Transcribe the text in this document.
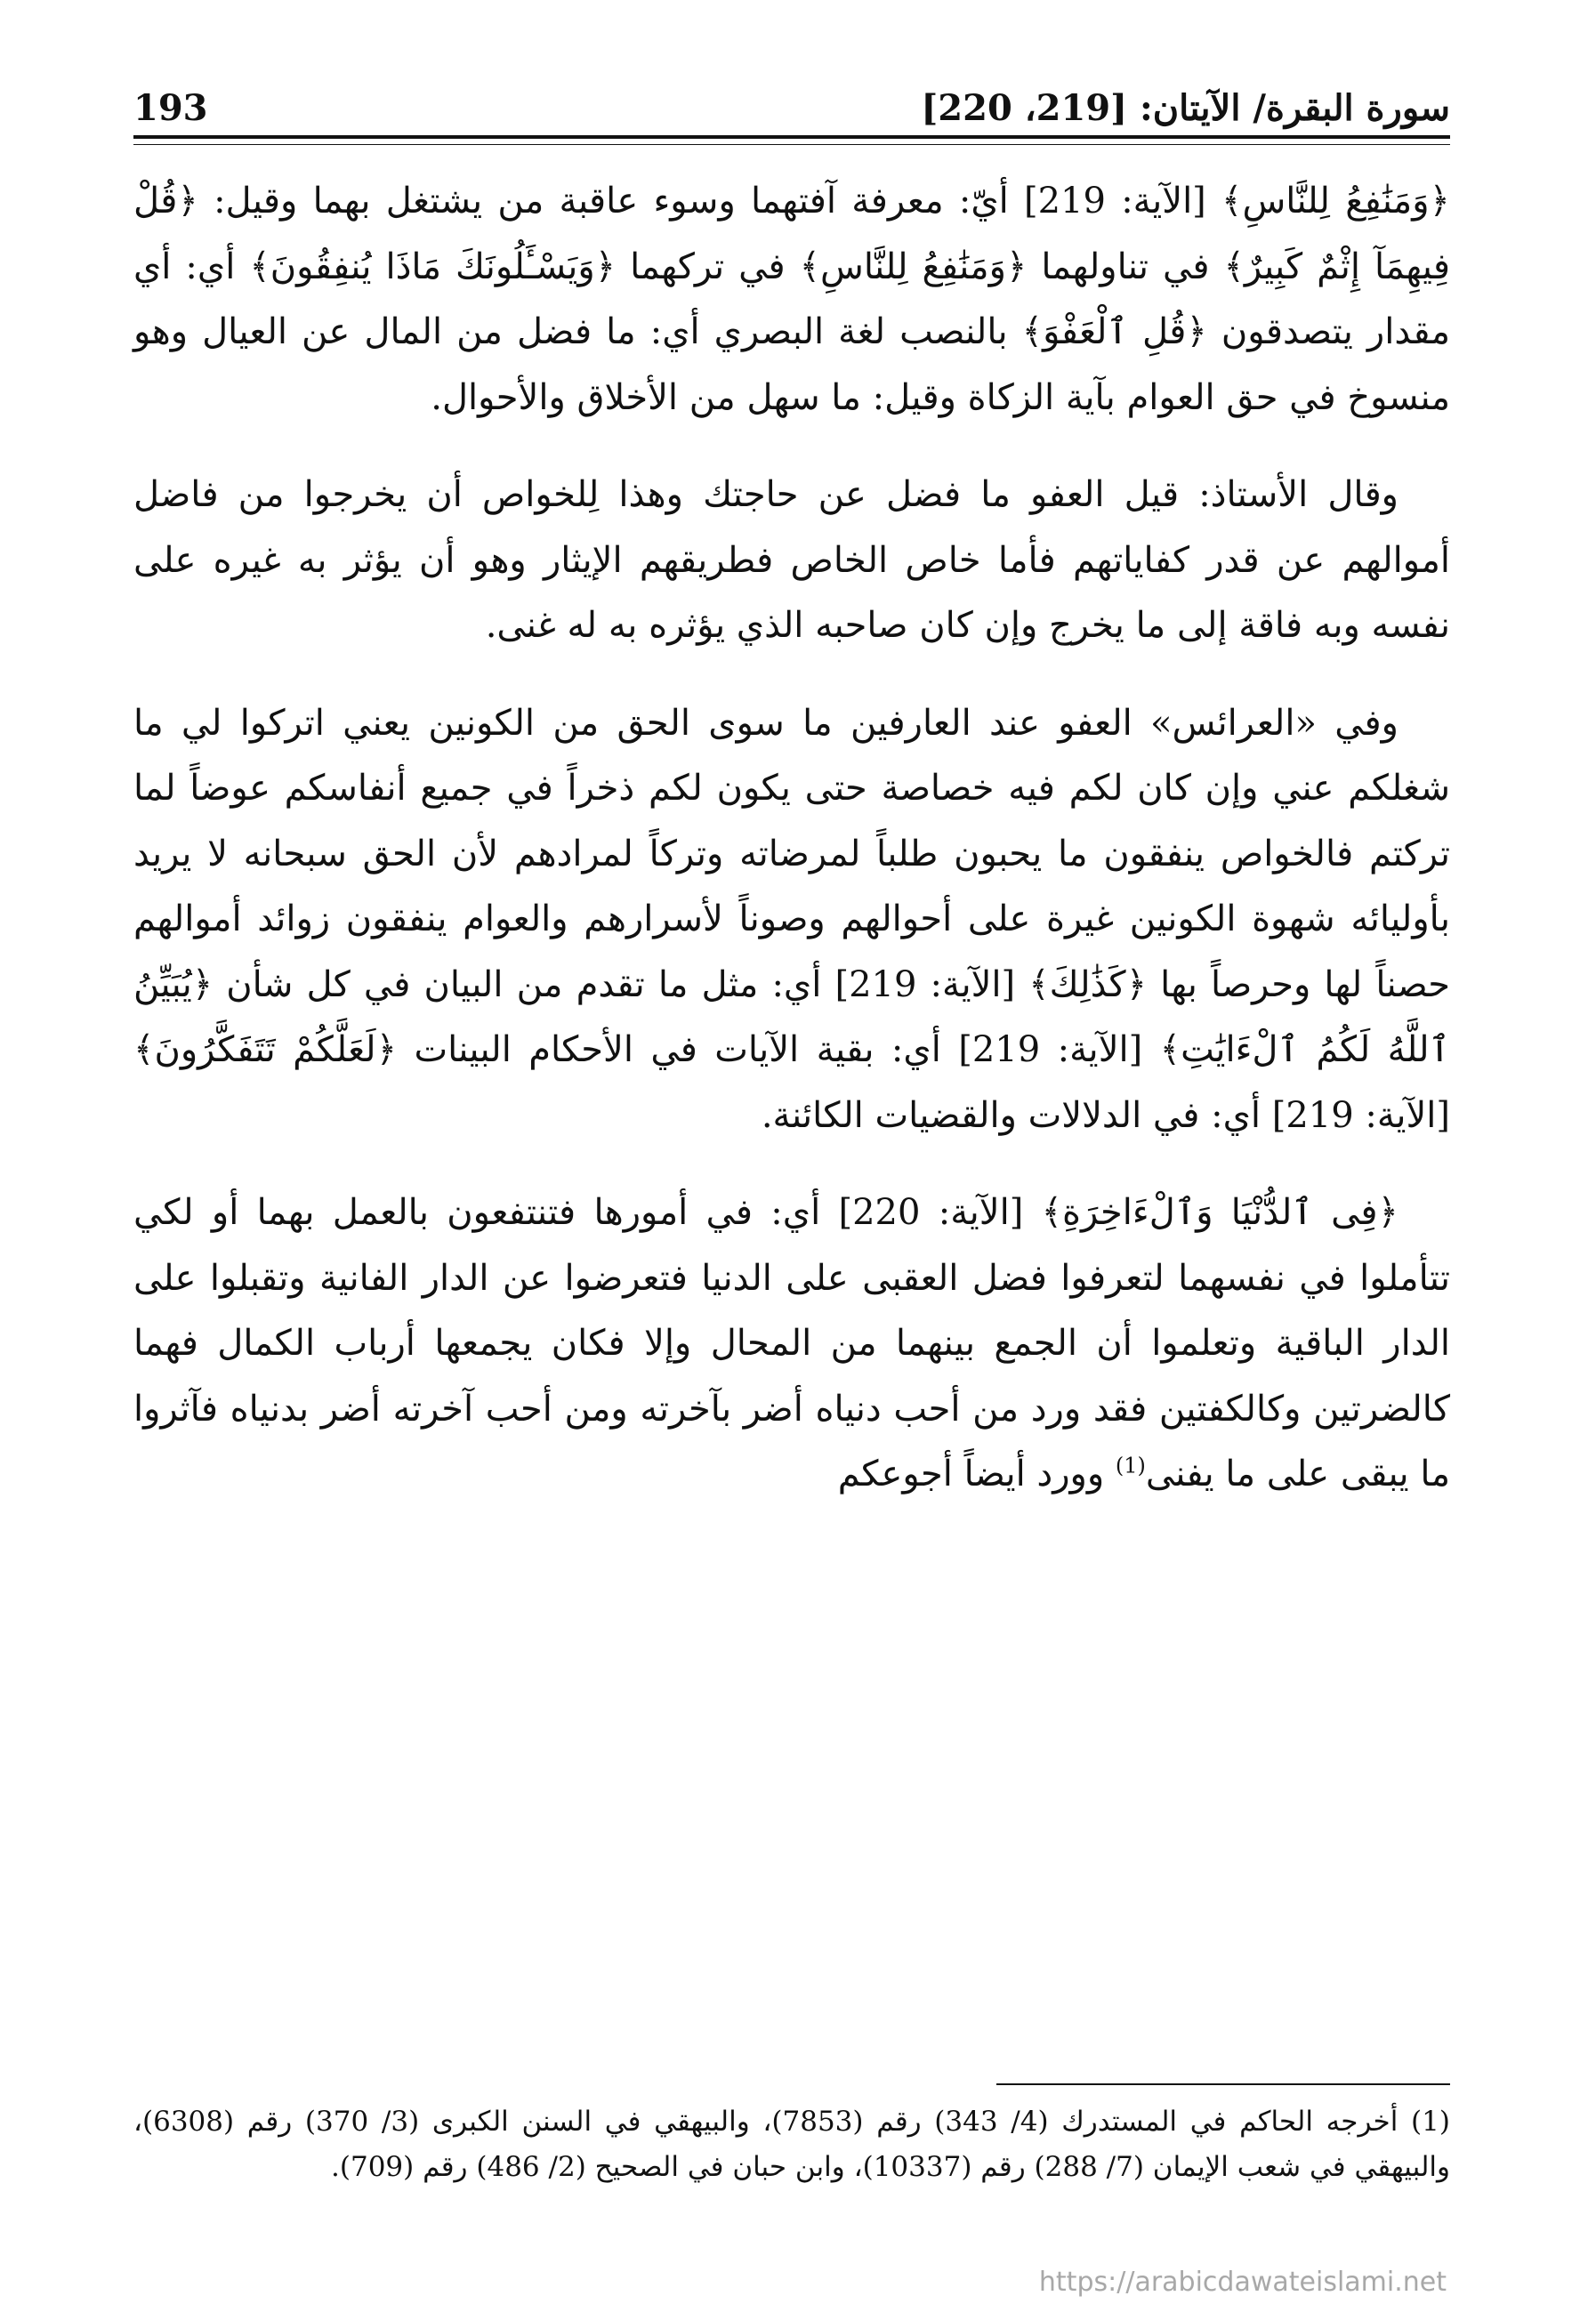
سورة البقرة/ الآيتان: [219، 220]
193

﴿وَمَنَٰفِعُ لِلنَّاسِ﴾ [الآية: 219] أيّ: معرفة آفتهما وسوء عاقبة من يشتغل بهما وقيل: ﴿قُلْ فِيهِمَآ إِثْمٌ كَبِيرٌ﴾ في تناولهما ﴿وَمَنَٰفِعُ لِلنَّاسِ﴾ في تركهما ﴿وَيَسْـَٔلُونَكَ مَاذَا يُنفِقُونَ﴾ أي: أي مقدار يتصدقون ﴿قُلِ ٱلْعَفْوَ﴾ بالنصب لغة البصري أي: ما فضل من المال عن العيال وهو منسوخ في حق العوام بآية الزكاة وقيل: ما سهل من الأخلاق والأحوال.

وقال الأستاذ: قيل العفو ما فضل عن حاجتك وهذا لِلخواص أن يخرجوا من فاضل أموالهم عن قدر كفاياتهم فأما خاص الخاص فطريقهم الإيثار وهو أن يؤثر به غيره على نفسه وبه فاقة إلى ما يخرج وإن كان صاحبه الذي يؤثره به له غنى.

وفي «العرائس» العفو عند العارفين ما سوى الحق من الكونين يعني اتركوا لي ما شغلكم عني وإن كان لكم فيه خصاصة حتى يكون لكم ذخراً في جميع أنفاسكم عوضاً لما تركتم فالخواص ينفقون ما يحبون طلباً لمرضاته وتركاً لمرادهم لأن الحق سبحانه لا يريد بأوليائه شهوة الكونين غيرة على أحوالهم وصوناً لأسرارهم والعوام ينفقون زوائد أموالهم حصناً لها وحرصاً بها ﴿كَذَٰلِكَ﴾ [الآية: 219] أي: مثل ما تقدم من البيان في كل شأن ﴿يُبَيِّنُ ٱللَّهُ لَكُمُ ٱلْءَايَٰتِ﴾ [الآية: 219] أي: بقية الآيات في الأحكام البينات ﴿لَعَلَّكُمْ تَتَفَكَّرُونَ﴾ [الآية: 219] أي: في الدلالات والقضيات الكائنة.

﴿فِى ٱلدُّنْيَا وَٱلْءَاخِرَةِ﴾ [الآية: 220] أي: في أمورها فتنتفعون بالعمل بهما أو لكي تتأملوا في نفسهما لتعرفوا فضل العقبى على الدنيا فتعرضوا عن الدار الفانية وتقبلوا على الدار الباقية وتعلموا أن الجمع بينهما من المحال وإلا فكان يجمعها أرباب الكمال فهما كالضرتين وكالكفتين فقد ورد من أحب دنياه أضر بآخرته ومن أحب آخرته أضر بدنياه فآثروا ما يبقى على ما يفنى$^{(1)}$ وورد أيضاً أجوعكم

(1) أخرجه الحاكم في المستدرك (4/ 343) رقم (7853)، والبيهقي في السنن الكبرى (3/ 370) رقم (6308)، والبيهقي في شعب الإيمان (7/ 288) رقم (10337)، وابن حبان في الصحيح (2/ 486) رقم (709).

https://arabicdawateislami.net
